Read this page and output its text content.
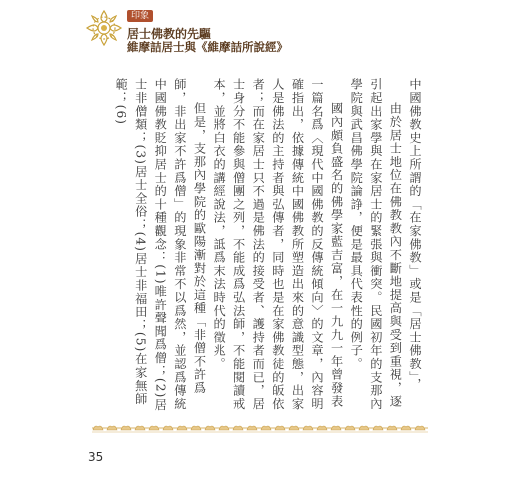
印象
居士佛教的先驅
維摩詰居士與《維摩詰所說經》

中國佛教史上所謂的「在家佛教」或是「居士佛教」，

由於居士地位在佛教教內不斷地提高與受到重視，逐引起出家學與在家居士的緊張與衝突。民國初年的支那內學院與武昌佛學院論諍，便是最具代表性的例子。

國內頗負盛名的佛學家藍吉富，在一九九一年曾發表一篇名爲〈現代中國佛教的反傳統傾向〉的文章，內容明確指出，依據傳統中國佛教所塑造出來的意識型態，出家人是佛法的主持者與弘傳者，同時也是在家佛教徒的皈依者；而在家居士只不過是佛法的接受者、護持者而已，居士身分不能參與僧團之列，不能成爲弘法師，不能閱讀戒本，並將白衣的講經說法，詆爲末法時代的徵兆。

但是，支那內學院的歐陽漸對於這種「非僧不許爲師，非出家不許爲僧」的現象非常不以爲然，並認爲傳統中國佛教貶抑居士的十種觀念：(1)唯許聲聞爲僧；(2)居士非僧類；(3)居士全俗；(4)居士非福田；(5)在家無師範；(6)

35
